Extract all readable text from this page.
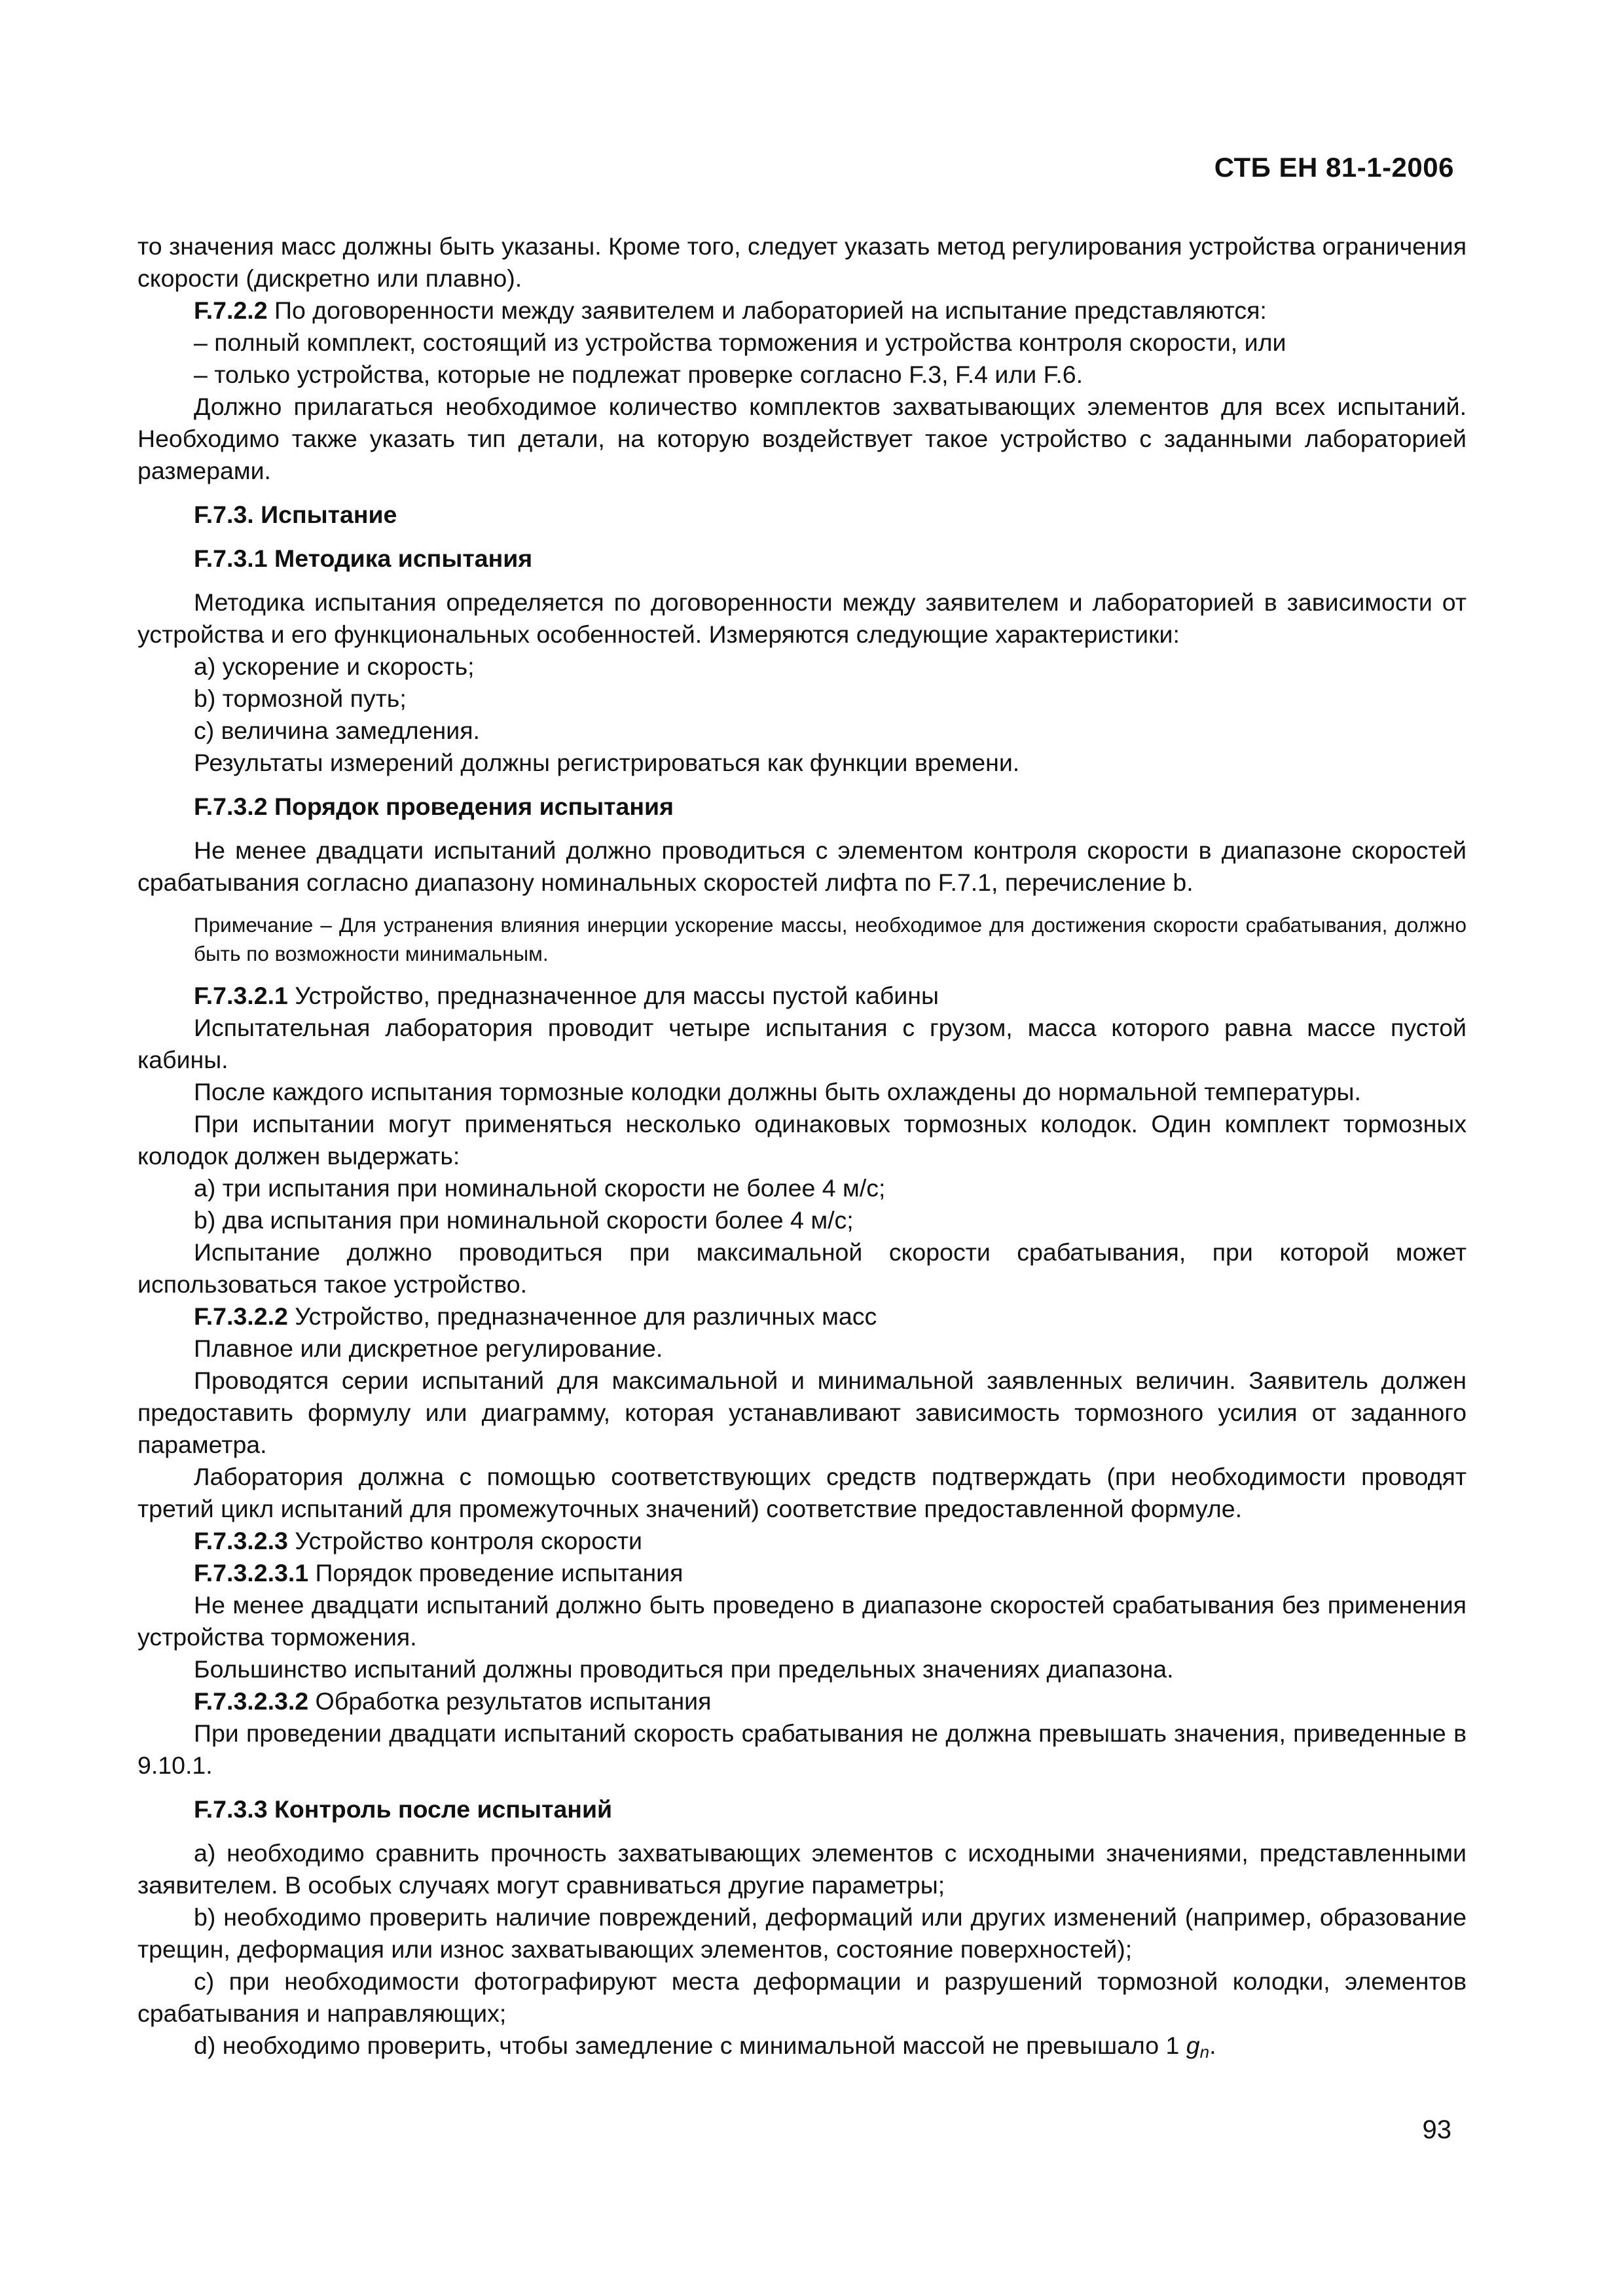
СТБ ЕН 81-1-2006

то значения масс должны быть указаны. Кроме того, следует указать метод регулирования устройства ограничения скорости (дискретно или плавно).

F.7.2.2 По договоренности между заявителем и лабораторией на испытание представляются:

– полный комплект, состоящий из устройства торможения и устройства контроля скорости, или

– только устройства, которые не подлежат проверке согласно F.3, F.4 или F.6.

Должно прилагаться необходимое количество комплектов захватывающих элементов для всех испытаний. Необходимо также указать тип детали, на которую воздействует такое устройство с заданными лабораторией размерами.

F.7.3. Испытание

F.7.3.1 Методика испытания

Методика испытания определяется по договоренности между заявителем и лабораторией в зависимости от устройства и его функциональных особенностей. Измеряются следующие характеристики:

a) ускорение и скорость;

b) тормозной путь;

c) величина замедления.

Результаты измерений должны регистрироваться как функции времени.

F.7.3.2 Порядок проведения испытания

Не менее двадцати испытаний должно проводиться с элементом контроля скорости в диапазоне скоростей срабатывания согласно диапазону номинальных скоростей лифта по F.7.1, перечисление b.

Примечание – Для устранения влияния инерции ускорение массы, необходимое для достижения скорости срабатывания, должно быть по возможности минимальным.

F.7.3.2.1 Устройство, предназначенное для массы пустой кабины

Испытательная лаборатория проводит четыре испытания с грузом, масса которого равна массе пустой кабины.

После каждого испытания тормозные колодки должны быть охлаждены до нормальной температуры.

При испытании могут применяться несколько одинаковых тормозных колодок. Один комплект тормозных колодок должен выдержать:

a) три испытания при номинальной скорости не более 4 м/с;

b) два испытания при номинальной скорости более 4 м/с;

Испытание должно проводиться при максимальной скорости срабатывания, при которой может использоваться такое устройство.

F.7.3.2.2 Устройство, предназначенное для различных масс

Плавное или дискретное регулирование.

Проводятся серии испытаний для максимальной и минимальной заявленных величин. Заявитель должен предоставить формулу или диаграмму, которая устанавливают зависимость тормозного усилия от заданного параметра.

Лаборатория должна с помощью соответствующих средств подтверждать (при необходимости проводят третий цикл испытаний для промежуточных значений) соответствие предоставленной формуле.

F.7.3.2.3 Устройство контроля скорости

F.7.3.2.3.1 Порядок проведение испытания

Не менее двадцати испытаний должно быть проведено в диапазоне скоростей срабатывания без применения устройства торможения.

Большинство испытаний должны проводиться при предельных значениях диапазона.

F.7.3.2.3.2 Обработка результатов испытания

При проведении двадцати испытаний скорость срабатывания не должна превышать значения, приведенные в 9.10.1.

F.7.3.3 Контроль после испытаний

a) необходимо сравнить прочность захватывающих элементов с исходными значениями, представленными заявителем. В особых случаях могут сравниваться другие параметры;

b) необходимо проверить наличие повреждений, деформаций или других изменений (например, образование трещин, деформация или износ захватывающих элементов, состояние поверхностей);

c) при необходимости фотографируют места деформации и разрушений тормозной колодки, элементов срабатывания и направляющих;

d) необходимо проверить, чтобы замедление с минимальной массой не превышало 1 $g_n$.

93
